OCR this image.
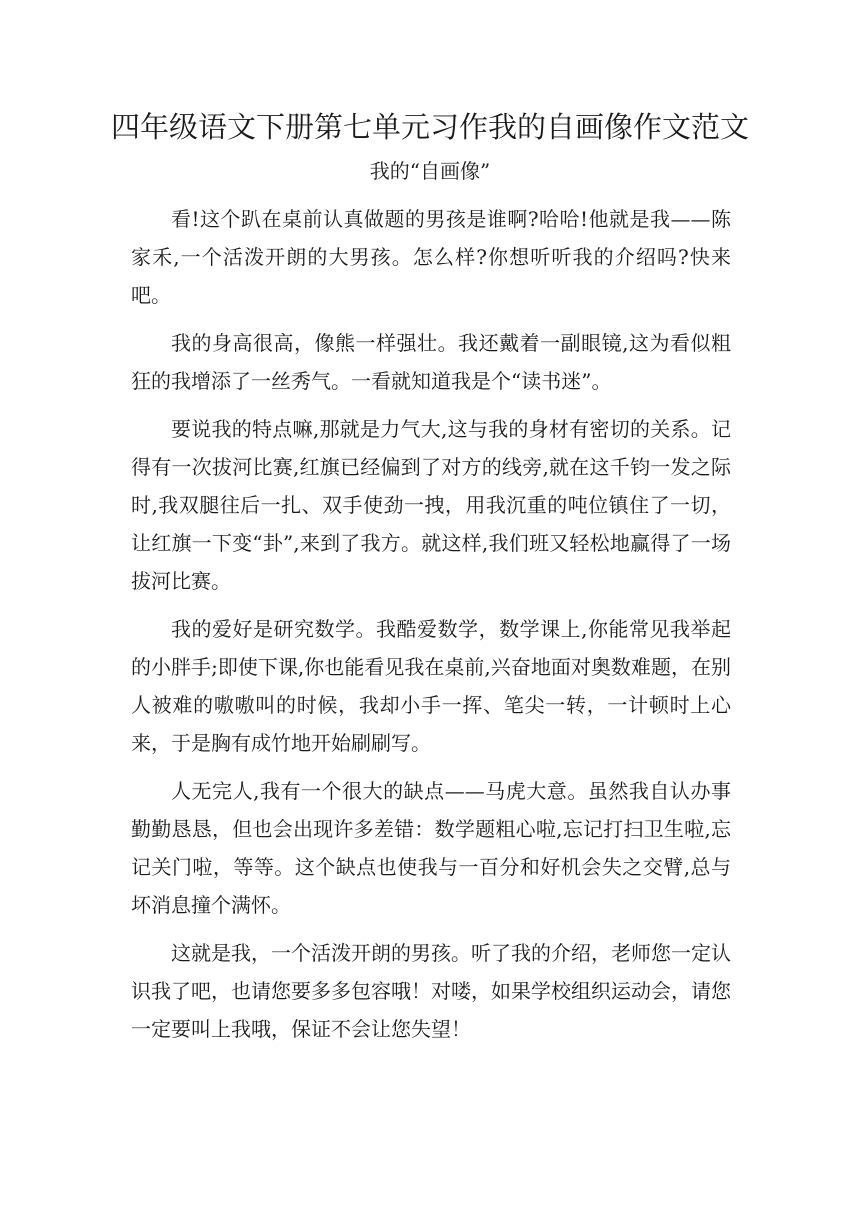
四年级语文下册第七单元习作我的自画像作文范文
我的“自画像”

看!这个趴在桌前认真做题的男孩是谁啊?哈哈!他就是我——陈家禾,一个活泼开朗的大男孩。怎么样?你想听听我的介绍吗?快来吧。

我的身高很高，像熊一样强壮。我还戴着一副眼镜,这为看似粗狂的我增添了一丝秀气。一看就知道我是个“读书迷”。

要说我的特点嘛,那就是力气大,这与我的身材有密切的关系。记得有一次拔河比赛,红旗已经偏到了对方的线旁,就在这千钧一发之际时,我双腿往后一扎、双手使劲一拽，用我沉重的吨位镇住了一切，让红旗一下变“卦”,来到了我方。就这样,我们班又轻松地赢得了一场拔河比赛。

我的爱好是研究数学。我酷爱数学，数学课上,你能常见我举起的小胖手;即使下课,你也能看见我在桌前,兴奋地面对奥数难题，在别人被难的嗷嗷叫的时候，我却小手一挥、笔尖一转，一计顿时上心来，于是胸有成竹地开始刷刷写。

人无完人,我有一个很大的缺点——马虎大意。虽然我自认办事勤勤恳恳，但也会出现许多差错：数学题粗心啦,忘记打扫卫生啦,忘记关门啦，等等。这个缺点也使我与一百分和好机会失之交臂,总与坏消息撞个满怀。

这就是我，一个活泼开朗的男孩。听了我的介绍，老师您一定认识我了吧，也请您要多多包容哦！对喽，如果学校组织运动会，请您一定要叫上我哦，保证不会让您失望！
